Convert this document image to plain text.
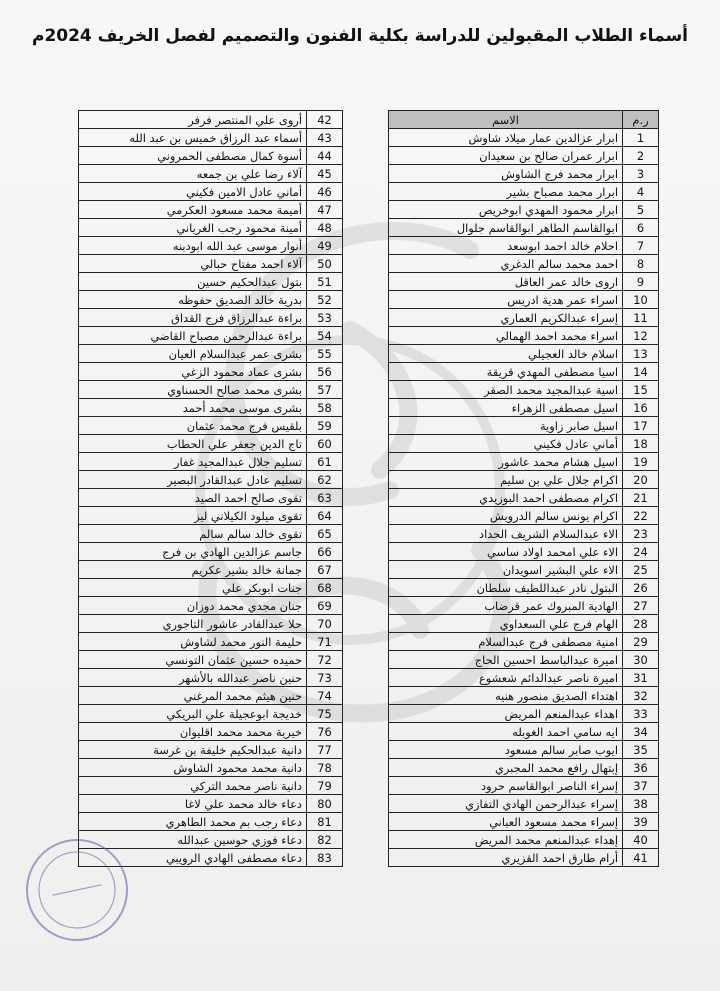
أسماء الطلاب المقبولين للدراسة بكلية الفنون والتصميم لفصل الخريف 2024م
ر.م	الاسم
1	ابرار عزالدين عمار ميلاد شاوش
2	ابرار عمران صالح بن سعيدان
3	ابرار محمد فرج الشاوش
4	ابرار محمد مصباح بشير
5	ابرار محمود المهدي ابوخريص
6	ابوالقاسم الطاهر ابوالقاسم جلوال
7	احلام خالد احمد ابوسعد
8	احمد محمد سالم الدغري
9	اروى خالد عمر العاقل
10	اسراء عمر هدية ادريس
11	إسراء عبدالكريم العماري
12	اسراء محمد احمد الهمالي
13	اسلام خالد العجيلي
14	اسيا مصطفى المهدي قريقة
15	اسية عبدالمجيد محمد الصقر
16	اسيل مصطفى الزهراء
17	اسيل صابر زاوية
18	أماني عادل فكيني
19	اسيل هشام محمد عاشور
20	اكرام جلال علي بن سليم
21	اكرام مصطفى احمد البوزيدي
22	اكرام يونس سالم الدرويش
23	الاء عبدالسلام الشريف الحداد
24	الاء علي امحمد اولاد ساسي
25	الاء علي البشير اسويدان
26	البتول نادر عبداللطيف سلطان
27	الهادية المبروك عمر قرضاب
28	الهام فرج علي السعداوي
29	امنية مصطفى فرج عبدالسلام
30	اميرة عبدالباسط احسين الحاج
31	اميرة ناصر عبدالدائم شعشوع
32	اهتداء الصديق منصور هنيه
33	اهداء عبدالمنعم المريض
34	ايه سامي احمد الغوبله
35	ايوب صابر سالم مسعود
36	إبتهال رافع محمد المجبري
37	إسراء الناصر ابوالقاسم حرود
38	إسراء عبدالرحمن الهادي التفازي
39	إسراء محمد مسعود العباني
40	إهداء عبدالمنعم محمد المريض
41	أرام طارق احمد القزيري
42	أروى علي المنتصر فرفر
43	أسماء عبد الرزاق خميس بن عبد الله
44	أسوة كمال مصطفى الحمروني
45	آلاء رضا علي بن جمعه
46	أماني عادل الامين فكيني
47	أميمة محمد مسعود العكرمي
48	أمينة محمود رجب الغرياني
49	أنوار موسى عبد الله ابودبنه
50	آلاء احمد مفتاح حبالي
51	بتول عبدالحكيم حسين
52	بدرية خالد الصديق حفوظه
53	براءة عبدالرزاق فرج القداق
54	براءة عبدالرحمن مصباح القاضي
55	بشرى عمر عبدالسلام العيان
56	بشرى عماد محمود الزغي
57	بشرى محمد صالح الحسناوي
58	بشرى موسى محمد أحمد
59	بلقيس فرج محمد عثمان
60	تاج الدين جعفر علي الحطاب
61	تسليم جلال عبدالمجيد غفار
62	تسليم عادل عبدالقادر البصير
63	تقوى صالح احمد الصيد
64	تقوى ميلود الكيلاني ليز
65	تقوى خالد سالم سالم
66	جاسم عزالدين الهادي بن فرج
67	جمانة خالد بشير عكريم
68	جنات ابوبكر علي
69	جنان مجدي محمد دوزان
70	حلا عبدالقادر عاشور التاجوري
71	حليمة النور محمد لشاوش
72	حميده حسين عثمان التونسي
73	حنين ناصر عبدالله بالأشهر
74	حنين هيثم محمد المرغني
75	خديجة ابوعجيلة علي البريكي
76	خيرية محمد محمد اقليوان
77	دانية عبدالحكيم خليفة بن غرسة
78	دانية محمد محمود الشاوش
79	دانية ناصر محمد التركي
80	دعاء خالد محمد علي لاغا
81	دعاء رجب بم محمد الطاهري
82	دعاء فوزي حوسين عبدالله
83	دعاء مصطفى الهادي الرويبي
